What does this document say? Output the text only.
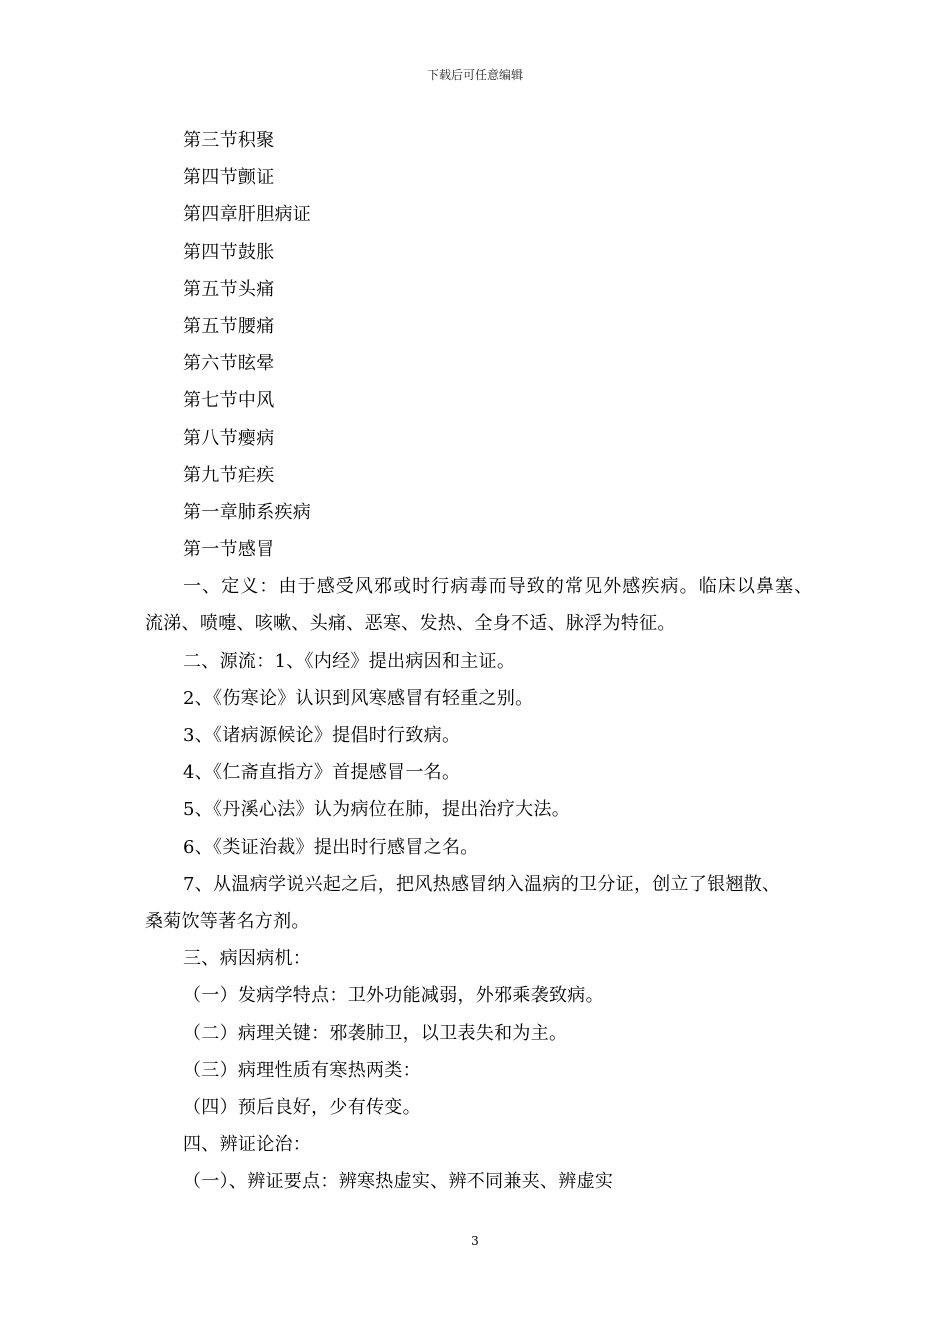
下载后可任意编辑
第三节积聚
第四节颤证
第四章肝胆病证
第四节鼓胀
第五节头痛
第五节腰痛
第六节眩晕
第七节中风
第八节瘿病
第九节疟疾
第一章肺系疾病
第一节感冒
一、定义：由于感受风邪或时行病毒而导致的常见外感疾病。临床以鼻塞、
流涕、喷嚏、咳嗽、头痛、恶寒、发热、全身不适、脉浮为特征。
二、源流：1、《内经》提出病因和主证。
2、《伤寒论》认识到风寒感冒有轻重之别。
3、《诸病源候论》提倡时行致病。
4、《仁斋直指方》首提感冒一名。
5、《丹溪心法》认为病位在肺，提出治疗大法。
6、《类证治裁》提出时行感冒之名。
7、从温病学说兴起之后，把风热感冒纳入温病的卫分证，创立了银翘散、
桑菊饮等著名方剂。
三、病因病机：
（一）发病学特点：卫外功能减弱，外邪乘袭致病。
（二）病理关键：邪袭肺卫，以卫表失和为主。
（三）病理性质有寒热两类：
（四）预后良好，少有传变。
四、辨证论治：
（一）、辨证要点：辨寒热虚实、辨不同兼夹、辨虚实
3
